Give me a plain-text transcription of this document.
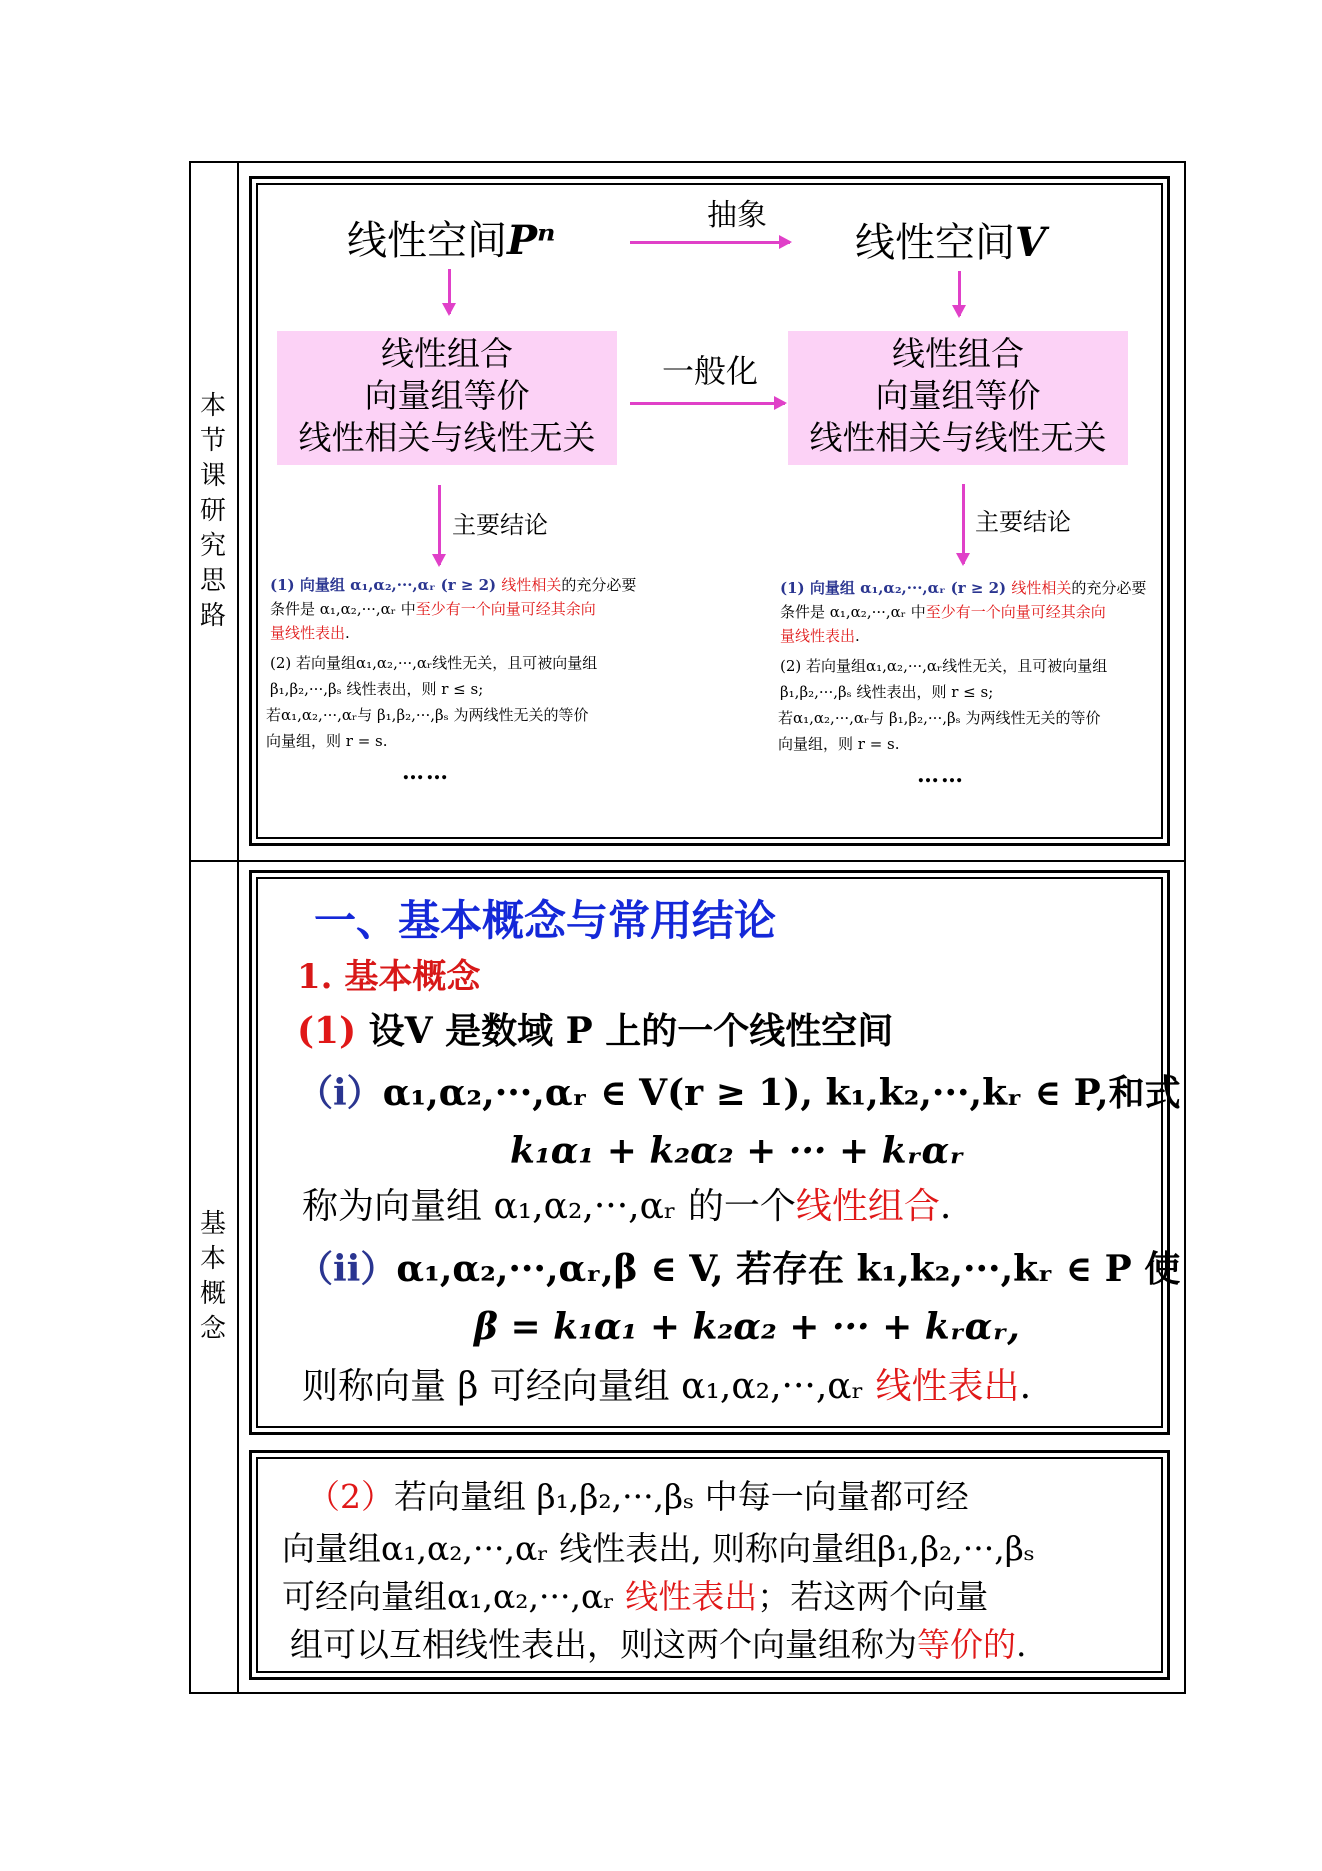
本节课研究思路
基本概念
线性空间Pⁿ	线性空间V
抽象
线性组合
向量组等价
线性相关与线性无关
线性组合
向量组等价
线性相关与线性无关
一般化
主要结论	主要结论
(1) 向量组 α₁,α₂,···,αᵣ (r ≥ 2) 线性相关的充分必要
条件是 α₁,α₂,···,αᵣ 中至少有一个向量可经其余向
量线性表出.
(2) 若向量组α₁,α₂,···,αᵣ线性无关，且可被向量组
β₁,β₂,···,βₛ 线性表出，则 r ≤ s;
若α₁,α₂,···,αᵣ与 β₁,β₂,···,βₛ 为两线性无关的等价
向量组，则 r = s.
……
(1) 向量组 α₁,α₂,···,αᵣ (r ≥ 2) 线性相关的充分必要
条件是 α₁,α₂,···,αᵣ 中至少有一个向量可经其余向
量线性表出.
(2) 若向量组α₁,α₂,···,αᵣ线性无关，且可被向量组
β₁,β₂,···,βₛ 线性表出，则 r ≤ s;
若α₁,α₂,···,αᵣ与 β₁,β₂,···,βₛ 为两线性无关的等价
向量组，则 r = s.
……
一、基本概念与常用结论
1. 基本概念
(1) 设V 是数域 P 上的一个线性空间
（i）α₁,α₂,···,αᵣ ∈ V(r ≥ 1), k₁,k₂,···,kᵣ ∈ P,和式
k₁α₁ + k₂α₂ + ··· + kᵣαᵣ
称为向量组 α₁,α₂,···,αᵣ 的一个线性组合.
（ii）α₁,α₂,···,αᵣ,β ∈ V, 若存在 k₁,k₂,···,kᵣ ∈ P 使
β = k₁α₁ + k₂α₂ + ··· + kᵣαᵣ,
则称向量 β 可经向量组 α₁,α₂,···,αᵣ 线性表出.
（2）若向量组 β₁,β₂,···,βₛ 中每一向量都可经
向量组α₁,α₂,···,αᵣ 线性表出, 则称向量组β₁,β₂,···,βₛ
可经向量组α₁,α₂,···,αᵣ 线性表出；若这两个向量
组可以互相线性表出，则这两个向量组称为等价的.
